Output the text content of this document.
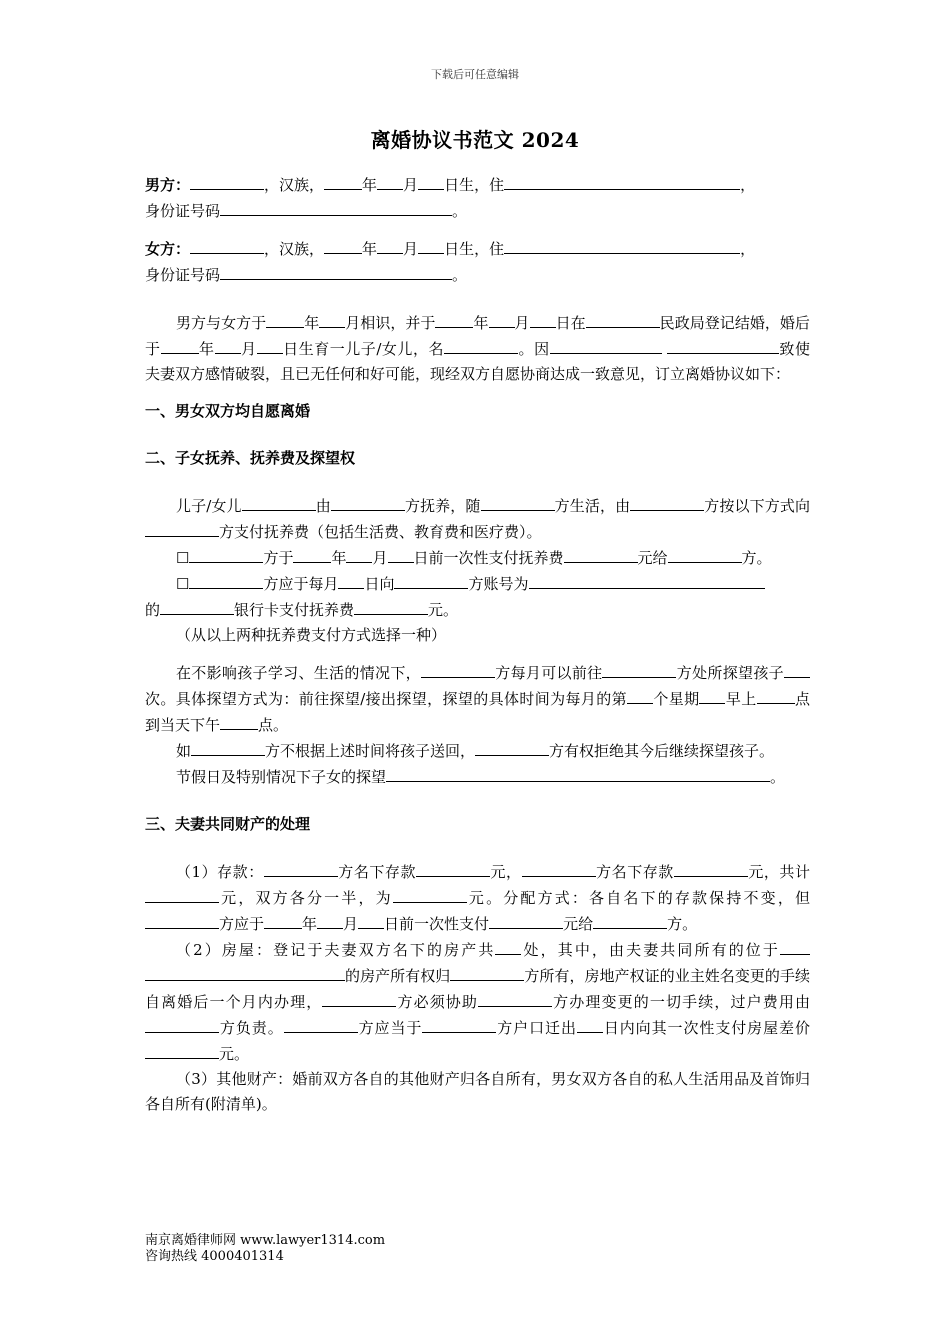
下载后可任意编辑
离婚协议书范文 2024

男方：	，汉族，	年 月 日生，住	，
身份证号码	。

女方：	，汉族，	年 月 日生，住	，
身份证号码	。

男方与女方于	年 月相识，并于	年 月 日在	民政局登记结婚，婚后于	年 月 日生育一儿子/女儿，名	。因	致使夫妻双方感情破裂，且已无任何和好可能，现经双方自愿协商达成一致意见，订立离婚协议如下：

一、男女双方均自愿离婚

二、子女抚养、抚养费及探望权

儿子/女儿	由	方抚养，随	方生活，由	方按以下方式向方支付抚养费（包括生活费、教育费和医疗费）。

☐	方于	年 月 日前一次性支付抚养费	元给	方。

☐	方应于每月 日向	方账号为
的	银行卡支付抚养费	元。

（从以上两种抚养费支付方式选择一种）

在不影响孩子学习、生活的情况下，	方每月可以前往	方处所探望孩子次。具体探望方式为：前往探望/接出探望，探望的具体时间为每月的第 个星期 早上	点到当天下午	点。

如	方不根据上述时间将孩子送回，	方有权拒绝其今后继续探望孩子。

节假日及特别情况下子女的探望	。

三、夫妻共同财产的处理

（1）存款：	方名下存款	元，	方名下存款	元，共计元，双方各分一半，为	元。分配方式：各自名下的存款保持不变，但方应于	年 月 日前一次性支付	元给	方。

（2）房屋：登记于夫妻双方名下的房产共 处，其中，由夫妻共同所有的位于 的房产所有权归	方所有，房地产权证的业主姓名变更的手续自离婚后一个月内办理，	方必须协助	方办理变更的一切手续，过户费用由方负责。	方应当于	方户口迁出 日内向其一次性支付房屋差价元。

（3）其他财产：婚前双方各自的其他财产归各自所有，男女双方各自的私人生活用品及首饰归各自所有(附清单)。

南京离婚律师网 www.lawyer1314.com
咨询热线 4000401314
